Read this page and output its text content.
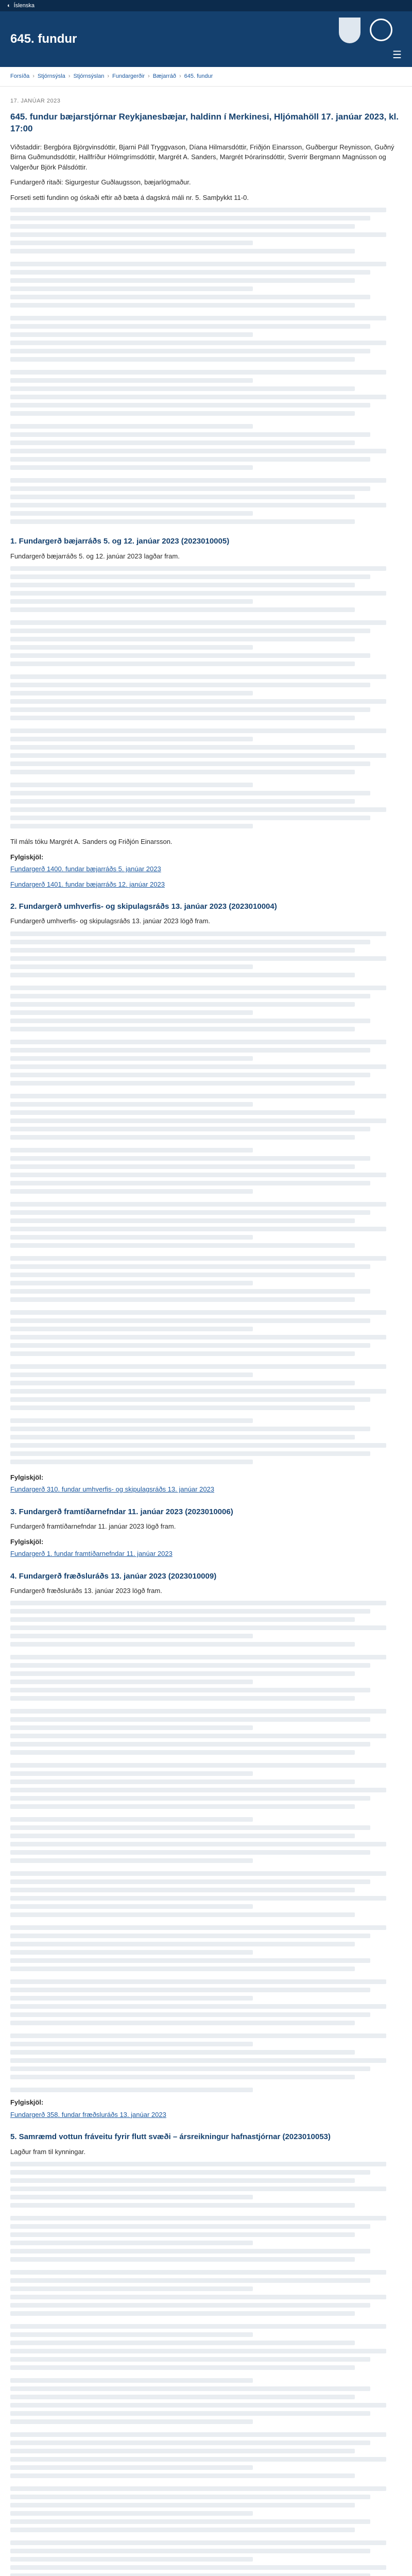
◐ Íslenska
645. fundur
☰
Forsíða › Stjórnsýsla › Stjórnsýslan › Fundargerðir › Bæjarráð › 645. fundur
17. JANÚAR 2023
645. fundur bæjarstjórnar Reykjanesbæjar, haldinn í Merkinesi, Hljómahöll 17. janúar 2023, kl. 17:00

Viðstaddir: Bergþóra Björgvinsdóttir, Bjarni Páll Tryggvason, Díana Hilmarsdóttir, Friðjón Einarsson, Guðbergur Reynisson, Guðný Birna Guðmundsdóttir, Hallfríður Hólmgrímsdóttir, Margrét A. Sanders, Margrét Þórarinsdóttir, Sverrir Bergmann Magnússon og Valgerður Björk Pálsdóttir.

Fundargerð ritaði: Sigurgestur Guðlaugsson, bæjarlögmaður.

Forseti setti fundinn og óskaði eftir að bæta á dagskrá máli nr. 5. Samþykkt 11-0.

1. Fundargerð bæjarráðs 5. og 12. janúar 2023 (2023010005)

Fundargerð bæjarráðs 5. og 12. janúar 2023 lagðar fram.

Til máls tóku Margrét A. Sanders og Friðjón Einarsson.

Fylgiskjöl:

Fundargerð 1400. fundar bæjarráðs 5. janúar 2023

Fundargerð 1401. fundar bæjarráðs 12. janúar 2023

2. Fundargerð umhverfis- og skipulagsráðs 13. janúar 2023 (2023010004)

Fundargerð umhverfis- og skipulagsráðs 13. janúar 2023 lögð fram.

Fylgiskjöl:

Fundargerð 310. fundar umhverfis- og skipulagsráðs 13. janúar 2023

3. Fundargerð framtíðarnefndar 11. janúar 2023 (2023010006)

Fundargerð framtíðarnefndar 11. janúar 2023 lögð fram.

Fylgiskjöl:

Fundargerð 1. fundar framtíðarnefndar 11. janúar 2023

4. Fundargerð fræðsluráðs 13. janúar 2023 (2023010009)

Fundargerð fræðsluráðs 13. janúar 2023 lögð fram.

Fylgiskjöl:

Fundargerð 358. fundar fræðsluráðs 13. janúar 2023

5. Samræmd vottun fráveitu fyrir flutt svæði – ársreikningur hafnastjórnar (2023010053)

Lagður fram til kynningar.
